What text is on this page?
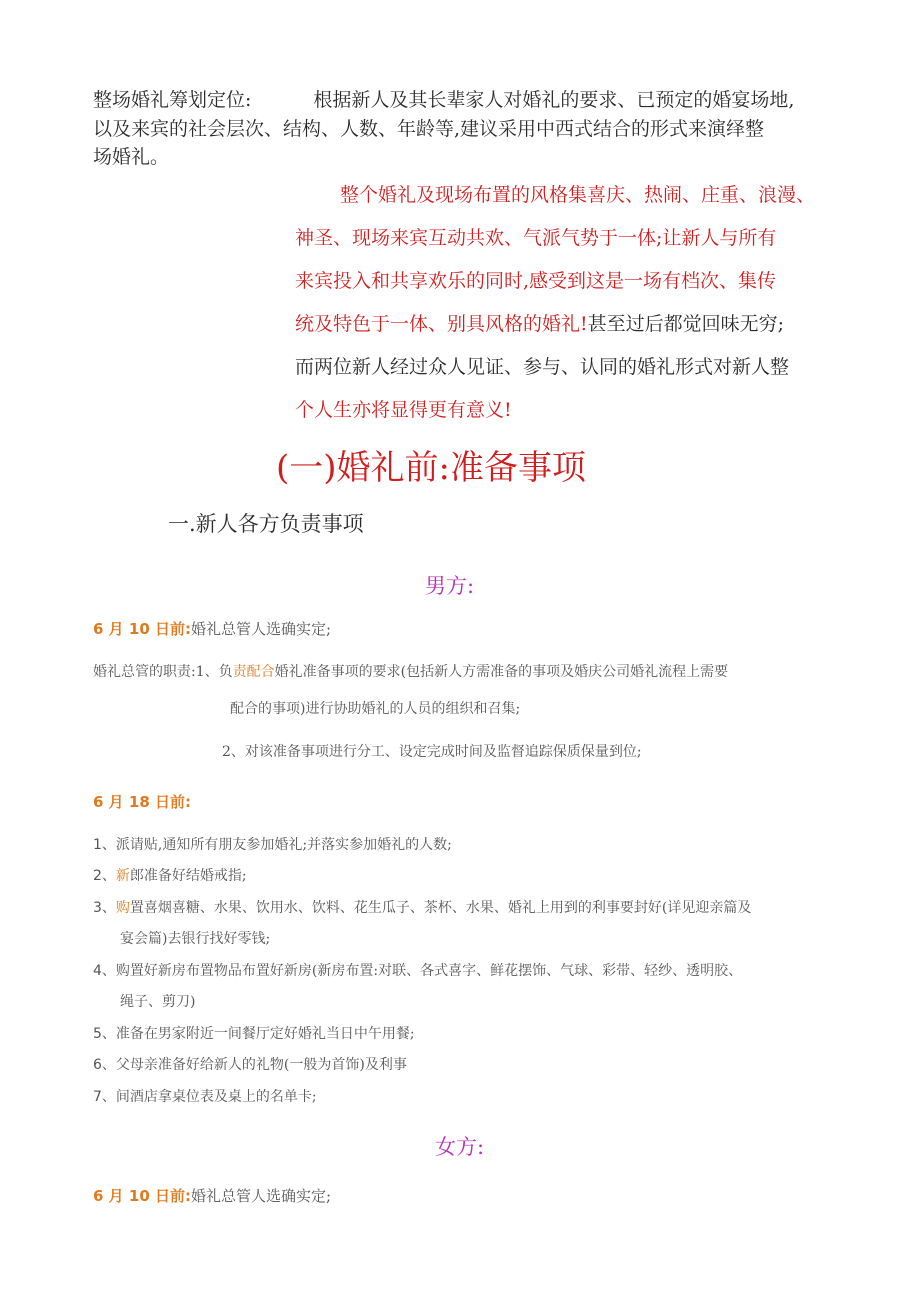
整场婚礼筹划定位:	根据新人及其长辈家人对婚礼的要求、已预定的婚宴场地,
以及来宾的社会层次、结构、人数、年龄等,建议采用中西式结合的形式来演绎整
场婚礼。
整个婚礼及现场布置的风格集喜庆、热闹、庄重、浪漫、
神圣、现场来宾互动共欢、气派气势于一体;让新人与所有
来宾投入和共享欢乐的同时,感受到这是一场有档次、集传
统及特色于一体、别具风格的婚礼!甚至过后都觉回味无穷;
而两位新人经过众人见证、参与、认同的婚礼形式对新人整
个人生亦将显得更有意义!
(一)婚礼前:准备事项
一.新人各方负责事项
男方:
6 月 10 日前:婚礼总管人选确实定;
婚礼总管的职责:1、负责配合婚礼准备事项的要求(包括新人方需准备的事项及婚庆公司婚礼流程上需要
配合的事项)进行协助婚礼的人员的组织和召集;
2、对该准备事项进行分工、设定完成时间及监督追踪保质保量到位;
6 月 18 日前:
1、派请贴,通知所有朋友参加婚礼;并落实参加婚礼的人数;
2、新郎准备好结婚戒指;
3、购置喜烟喜糖、水果、饮用水、饮料、花生瓜子、茶杯、水果、婚礼上用到的利事要封好(详见迎亲篇及
宴会篇)去银行找好零钱;
4、购置好新房布置物品布置好新房(新房布置:对联、各式喜字、鲜花摆饰、气球、彩带、轻纱、透明胶、
绳子、剪刀)
5、准备在男家附近一间餐厅定好婚礼当日中午用餐;
6、父母亲准备好给新人的礼物(一般为首饰)及利事
7、间酒店拿桌位表及桌上的名单卡;
女方:
6 月 10 日前:婚礼总管人选确实定;
